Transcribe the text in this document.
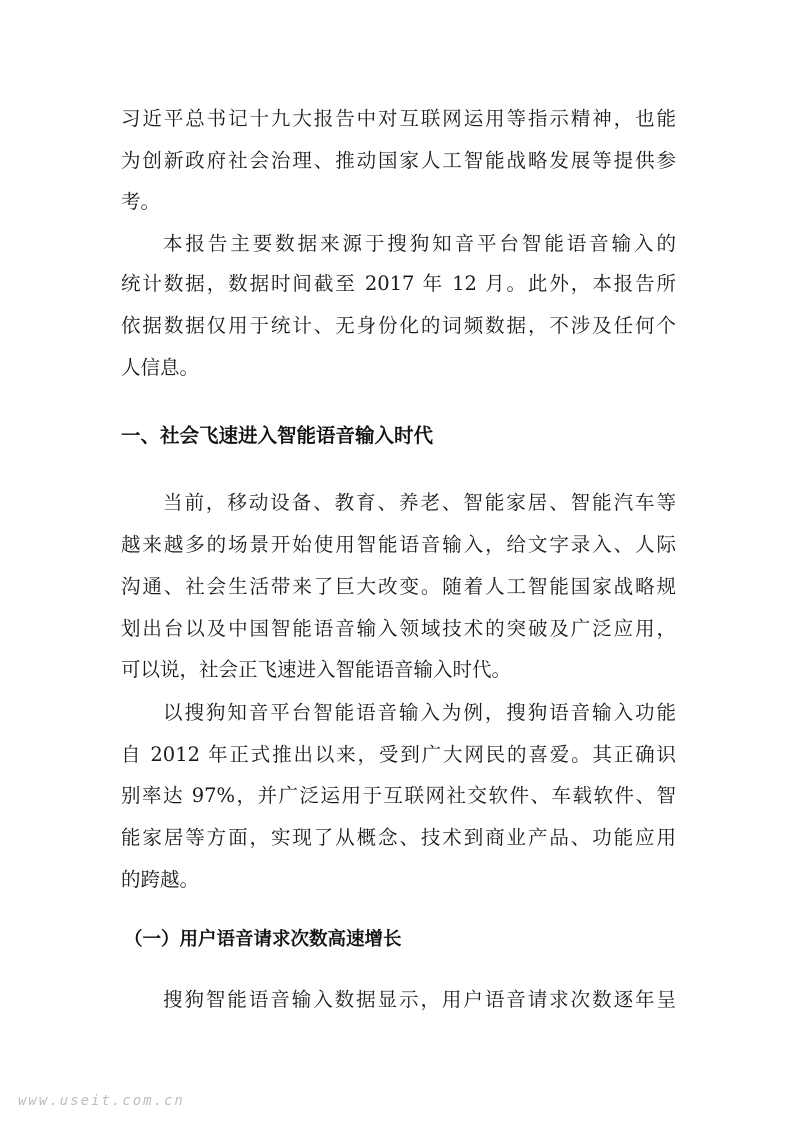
习近平总书记十九大报告中对互联网运用等指示精神，也能
为创新政府社会治理、推动国家人工智能战略发展等提供参
考。
本报告主要数据来源于搜狗知音平台智能语音输入的
统计数据，数据时间截至 2017 年 12 月。此外，本报告所
依据数据仅用于统计、无身份化的词频数据，不涉及任何个
人信息。
一、社会飞速进入智能语音输入时代
当前，移动设备、教育、养老、智能家居、智能汽车等
越来越多的场景开始使用智能语音输入，给文字录入、人际
沟通、社会生活带来了巨大改变。随着人工智能国家战略规
划出台以及中国智能语音输入领域技术的突破及广泛应用，
可以说，社会正飞速进入智能语音输入时代。
以搜狗知音平台智能语音输入为例，搜狗语音输入功能
自 2012 年正式推出以来，受到广大网民的喜爱。其正确识
别率达 97%，并广泛运用于互联网社交软件、车载软件、智
能家居等方面，实现了从概念、技术到商业产品、功能应用
的跨越。
（一）用户语音请求次数高速增长
搜狗智能语音输入数据显示，用户语音请求次数逐年呈
www.useit.com.cn
